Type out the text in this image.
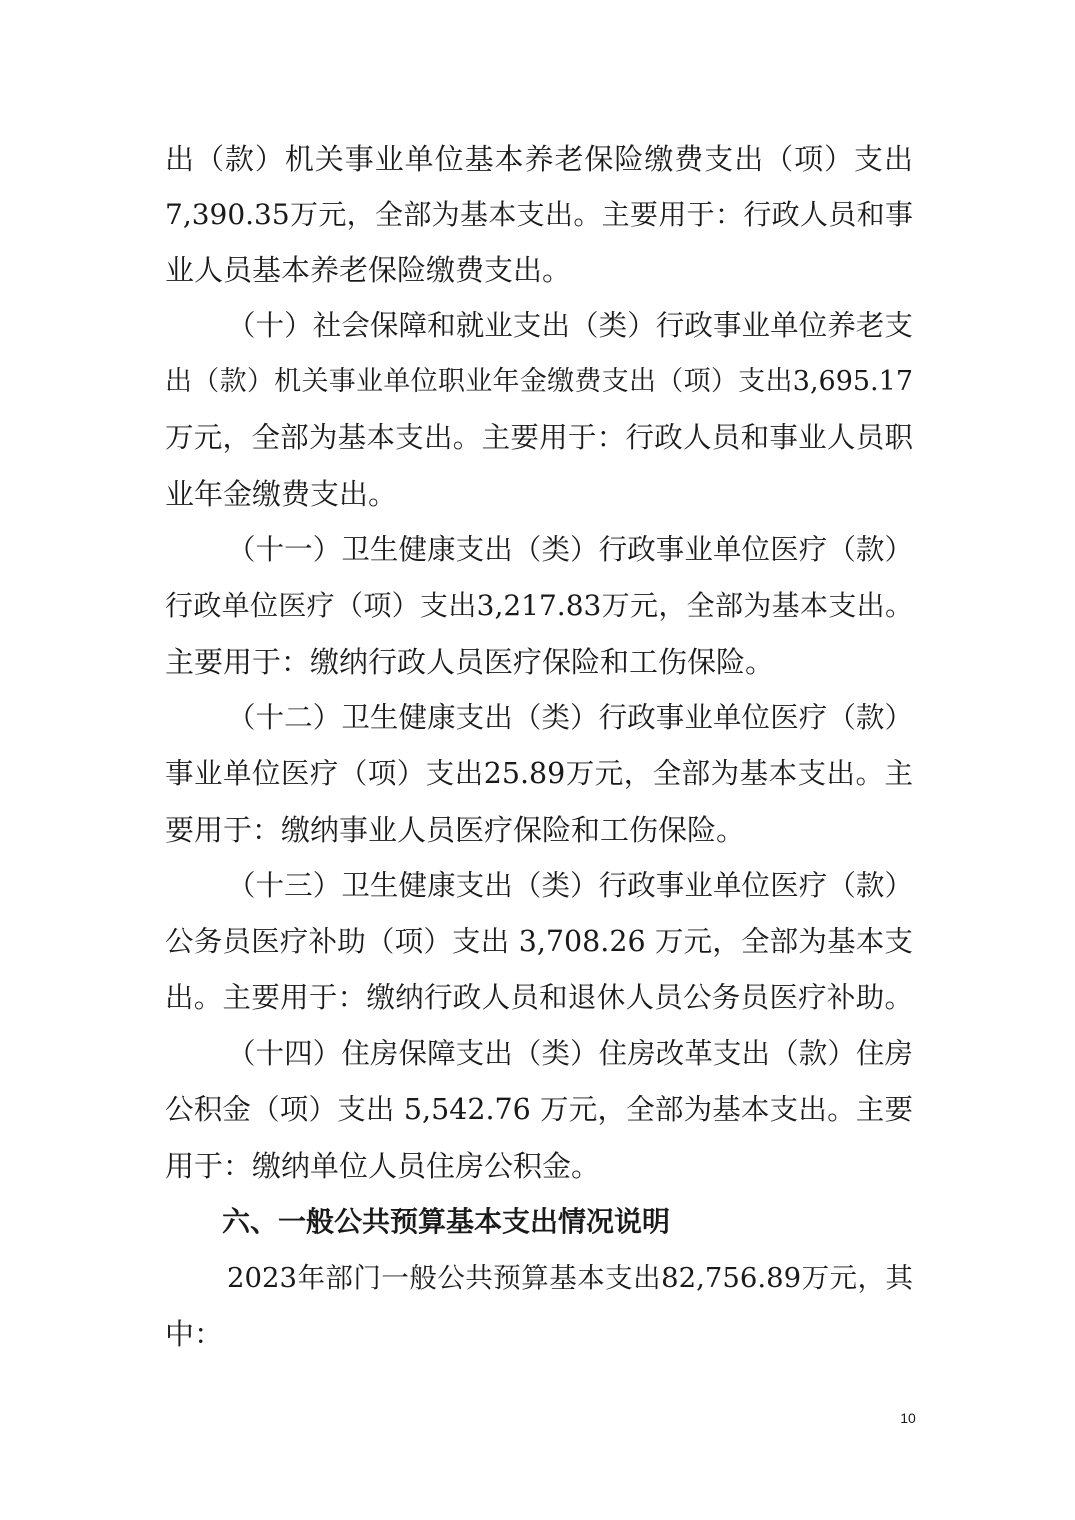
出（款）机关事业单位基本养老保险缴费支出（项）支出
7,390.35万元，全部为基本支出。主要用于：行政人员和事
业人员基本养老保险缴费支出。
（十）社会保障和就业支出（类）行政事业单位养老支
出（款）机关事业单位职业年金缴费支出（项）支出3,695.17
万元，全部为基本支出。主要用于：行政人员和事业人员职
业年金缴费支出。
（十一）卫生健康支出（类）行政事业单位医疗（款）
行政单位医疗（项）支出3,217.83万元，全部为基本支出。
主要用于：缴纳行政人员医疗保险和工伤保险。
（十二）卫生健康支出（类）行政事业单位医疗（款）
事业单位医疗（项）支出25.89万元，全部为基本支出。主
要用于：缴纳事业人员医疗保险和工伤保险。
（十三）卫生健康支出（类）行政事业单位医疗（款）
公务员医疗补助（项）支出 3,708.26 万元，全部为基本支
出。主要用于：缴纳行政人员和退休人员公务员医疗补助。
（十四）住房保障支出（类）住房改革支出（款）住房
公积金（项）支出 5,542.76 万元，全部为基本支出。主要
用于：缴纳单位人员住房公积金。
六、一般公共预算基本支出情况说明
2023年部门一般公共预算基本支出82,756.89万元，其
中：
10
